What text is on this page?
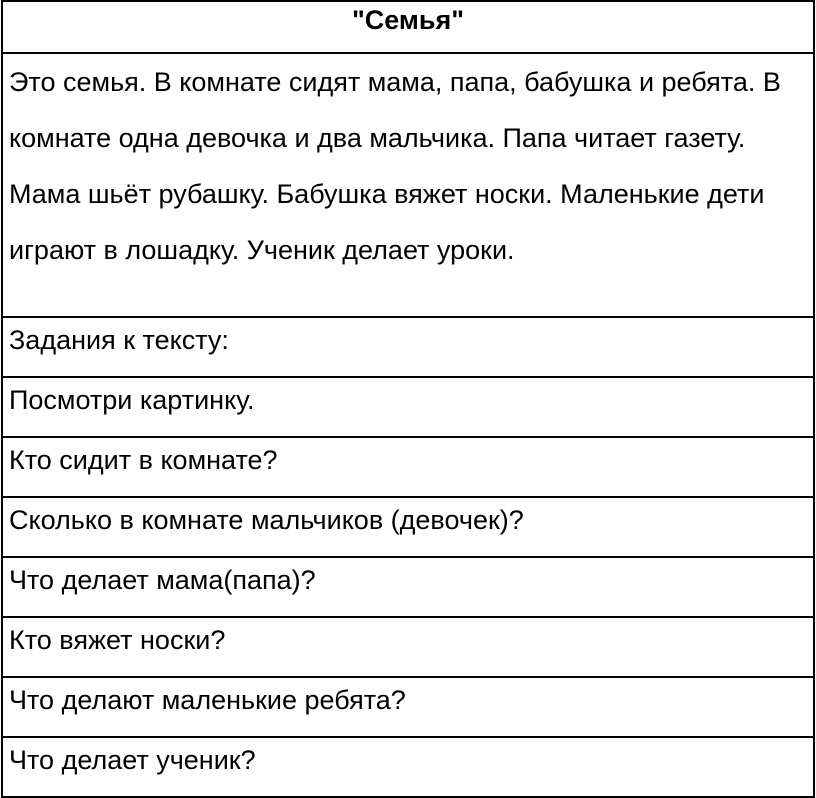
"Семья"
Это семья. В комнате сидят мама, папа, бабушка и ребята. В комнате одна девочка и два мальчика. Папа читает газету. Мама шьёт рубашку. Бабушка вяжет носки. Маленькие дети играют в лошадку. Ученик делает уроки.
Задания к тексту:
Посмотри картинку.
Кто сидит в комнате?
Сколько в комнате мальчиков (девочек)?
Что делает мама(папа)?
Кто вяжет носки?
Что делают маленькие ребята?
Что делает ученик?
